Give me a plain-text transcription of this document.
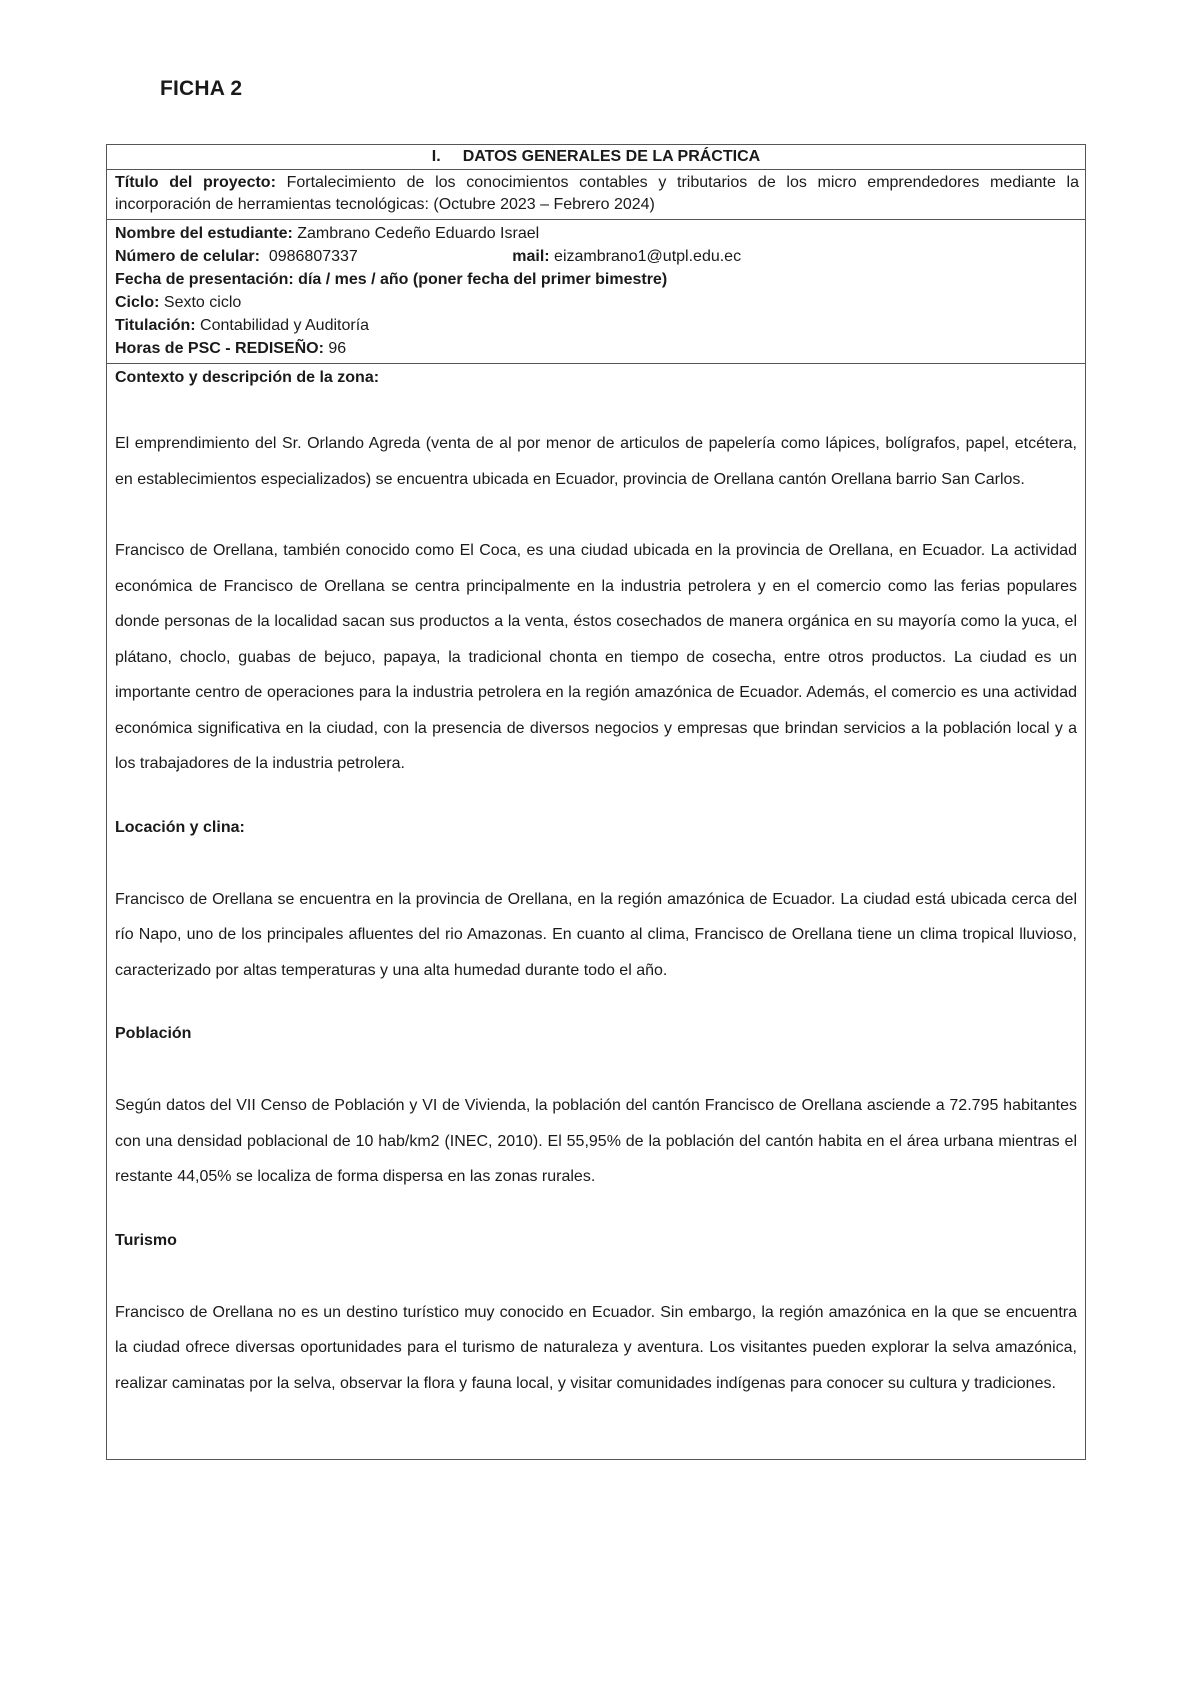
FICHA 2
I. DATOS GENERALES DE LA PRÁCTICA
Título del proyecto: Fortalecimiento de los conocimientos contables y tributarios de los micro emprendedores mediante la incorporación de herramientas tecnológicas: (Octubre 2023 – Febrero 2024)
Nombre del estudiante: Zambrano Cedeño Eduardo Israel
Número de celular:  0986807337	mail: eizambrano1@utpl.edu.ec
Fecha de presentación: día / mes / año (poner fecha del primer bimestre)
Ciclo: Sexto ciclo
Titulación: Contabilidad y Auditoría
Horas de PSC - REDISEÑO: 96
Contexto y descripción de la zona:

El emprendimiento del Sr. Orlando Agreda (venta de al por menor de articulos de papelería como lápices, bolígrafos, papel, etcétera, en establecimientos especializados) se encuentra ubicada en Ecuador, provincia de Orellana cantón Orellana barrio San Carlos.

Francisco de Orellana, también conocido como El Coca, es una ciudad ubicada en la provincia de Orellana, en Ecuador. La actividad económica de Francisco de Orellana se centra principalmente en la industria petrolera y en el comercio como las ferias populares donde personas de la localidad sacan sus productos a la venta, éstos cosechados de manera orgánica en su mayoría como la yuca, el plátano, choclo, guabas de bejuco, papaya, la tradicional chonta en tiempo de cosecha, entre otros productos. La ciudad es un importante centro de operaciones para la industria petrolera en la región amazónica de Ecuador. Además, el comercio es una actividad económica significativa en la ciudad, con la presencia de diversos negocios y empresas que brindan servicios a la población local y a los trabajadores de la industria petrolera.

Locación y clina:

Francisco de Orellana se encuentra en la provincia de Orellana, en la región amazónica de Ecuador. La ciudad está ubicada cerca del río Napo, uno de los principales afluentes del rio Amazonas. En cuanto al clima, Francisco de Orellana tiene un clima tropical lluvioso, caracterizado por altas temperaturas y una alta humedad durante todo el año.

Población

Según datos del VII Censo de Población y VI de Vivienda, la población del cantón Francisco de Orellana asciende a 72.795 habitantes con una densidad poblacional de 10 hab/km2 (INEC, 2010). El 55,95% de la población del cantón habita en el área urbana mientras el restante 44,05% se localiza de forma dispersa en las zonas rurales.

Turismo

Francisco de Orellana no es un destino turístico muy conocido en Ecuador. Sin embargo, la región amazónica en la que se encuentra la ciudad ofrece diversas oportunidades para el turismo de naturaleza y aventura. Los visitantes pueden explorar la selva amazónica, realizar caminatas por la selva, observar la flora y fauna local, y visitar comunidades indígenas para conocer su cultura y tradiciones.
